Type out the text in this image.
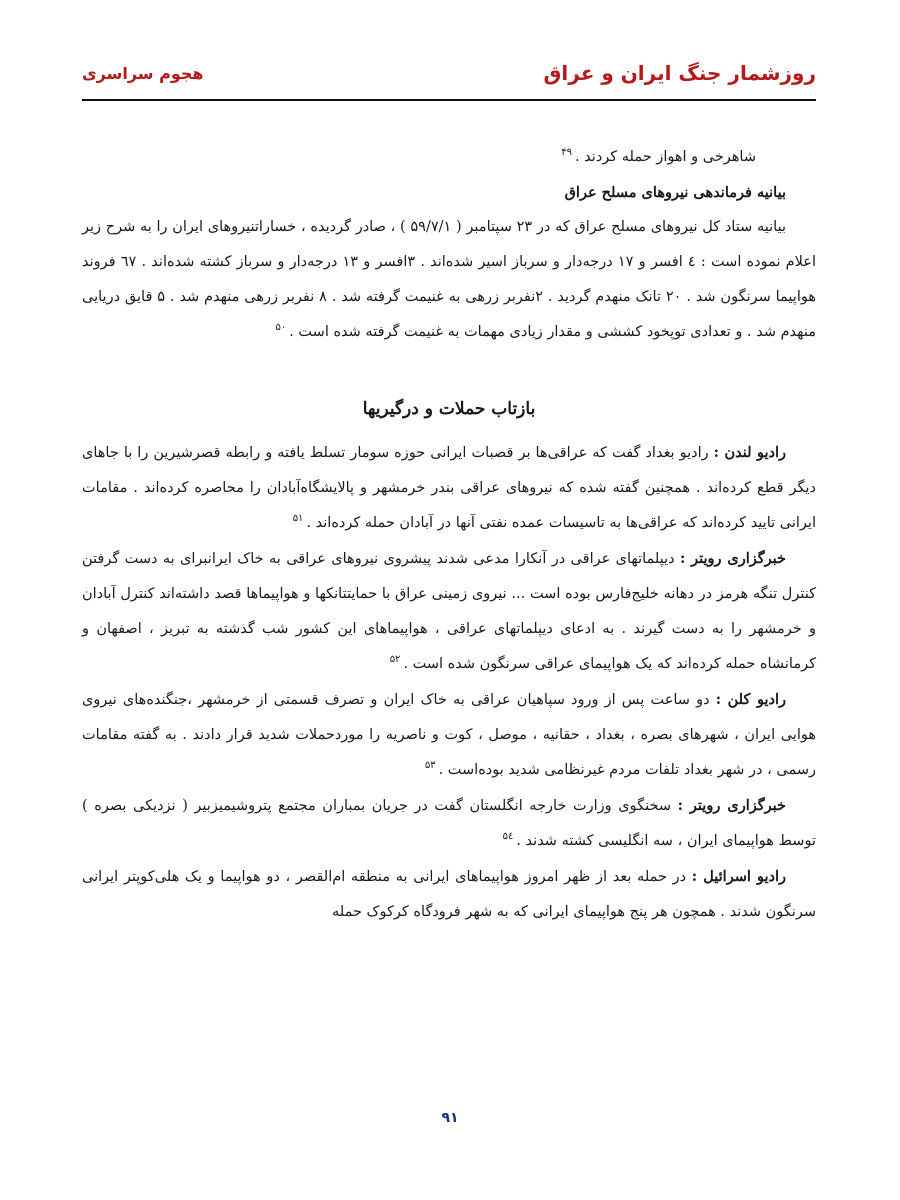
هجوم سراسری	روزشمار جنگ ایران و عراق

شاهرخی و اهواز حمله کردند .$^{۴۹}$

بیانیه فرماندهی نیروهای مسلح عراق

بیانیه ستاد کل نیروهای مسلح عراق که در ۲۳ سپتامبر ( ۵۹/۷/۱ ) ، صادر گردیده ، خساراتنیروهای ایران را به شرح زیر اعلام نموده است : ٤ افسر و ١٧ درجه‌دار و سرباز اسیر شده‌اند . ۳افسر و ۱۳ درجه‌دار و سرباز کشته شده‌اند . ٦٧ فروند هواپیما سرنگون شد . ۲۰ تانک منهدم گردید . ۲نفربر زرهی به غنیمت گرفته شد . ۸ نفربر زرهی منهدم شد . ۵ قایق دریایی منهدم شد . و تعدادی توپخود کششی و مقدار زیادی مهمات به غنیمت گرفته شده است .$^{۵۰}$

بازتاب حملات و درگیریها

رادیو لندن : رادیو بغداد گفت که عراقی‌ها بر قصبات ایرانی حوزه سومار تسلط یافته و رابطه قصرشیرین را با جاهای دیگر قطع کرده‌اند . همچنین گفته شده که نیروهای عراقی بندر خرمشهر و پالایشگاه‌آبادان را محاصره کرده‌اند . مقامات ایرانی تایید کرده‌اند که عراقی‌ها به تاسیسات عمده نفتی آنها در آبادان حمله کرده‌اند .$^{۵۱}$

خبرگزاری رویتر : دیپلماتهای عراقی در آنکارا مدعی شدند پیشروی نیروهای عراقی به خاک ایرانبرای به دست گرفتن کنترل تنگه هرمز در دهانه خلیج‌فارس بوده است ... نیروی زمینی عراق با حمایتتانکها و هواپیماها قصد داشته‌اند کنترل آبادان و خرمشهر را به دست گیرند . به ادعای دیپلماتهای عراقی ، هواپیماهای این کشور شب گذشته به تبریز ، اصفهان و کرمانشاه حمله کرده‌اند که یک هواپیمای عراقی سرنگون شده است .$^{۵۲}$

رادیو کلن : دو ساعت پس از ورود سپاهیان عراقی به خاک ایران و تصرف قسمتی از خرمشهر ،جنگنده‌های نیروی هوایی ایران ، شهرهای بصره ، بغداد ، حقانیه ، موصل ، کوت و ناصریه را موردحملات شدید قرار دادند . به گفته مقامات رسمی ، در شهر بغداد تلفات مردم غیرنظامی شدید بوده‌است .$^{۵۳}$

خبرگزاری رویتر : سخنگوی وزارت خارجه انگلستان گفت در جریان بمباران مجتمع پتروشیمیزبیر ( نزدیکی بصره ) توسط هواپیمای ایران ، سه انگلیسی کشته شدند .$^{۵٤}$

رادیو اسرائیل : در حمله بعد از ظهر امروز هواپیماهای ایرانی به منطقه ام‌القصر ، دو هواپیما و یک هلی‌کوپتر ایرانی سرنگون شدند . همچون هر پنج هواپیمای ایرانی که به شهر فرودگاه کرکوک حمله

۹۱
